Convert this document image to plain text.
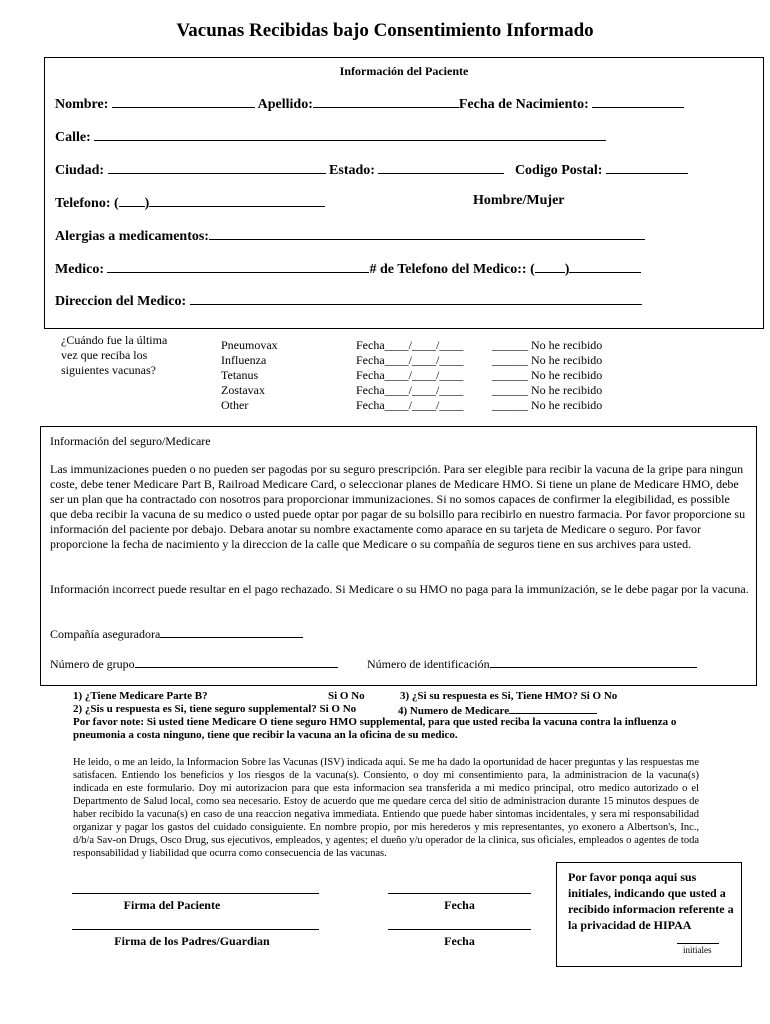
Vacunas Recibidas bajo Consentimiento Informado
Información del Paciente
Nombre:	Apellido:	Fecha de Nacimiento:
Calle:
Ciudad:	Estado:	Codigo Postal:
Telefono: ( )	Hombre/Mujer
Alergias a medicamentos:
Medico:	# de Telefono del Medico:: ( )
Direccion del Medico:
¿Cuándo fue la última vez que reciba los siguientes vacunas?
Pneumovax	Fecha____/____/____ ______ No he recibido
Influenza	Fecha____/____/____ ______ No he recibido
Tetanus	Fecha____/____/____ ______ No he recibido
Zostavax	Fecha____/____/____ ______ No he recibido
Other	Fecha____/____/____ ______ No he recibido
Información del seguro/Medicare
Las immunizaciones pueden o no pueden ser pagodas por su seguro prescripción. Para ser elegible para recibir la vacuna de la gripe para ningun coste, debe tener Medicare Part B, Railroad Medicare Card, o seleccionar planes de Medicare HMO. Si tiene un plane de Medicare HMO, debe ser un plan que ha contractado con nosotros para proporcionar immunizaciones. Si no somos capaces de confirmer la elegibilidad, es possible que deba recibir la vacuna de su medico o usted puede optar por pagar de su bolsillo para recibirlo en nuestro farmacia. Por favor proporcione su información del paciente por debajo. Debara anotar su nombre exactamente como aparace en su tarjeta de Medicare o seguro. Por favor proporcione la fecha de nacimiento y la direccion de la calle que Medicare o su compañía de seguros tiene en sus archives para usted.
Información incorrect puede resultar en el pago rechazado. Si Medicare o su HMO no paga para la immunización, se le debe pagar por la vacuna.
Compañía aseguradora
Número de grupo	Número de identificación
1) ¿Tiene Medicare Parte B?	Si O No	3) ¿Si su respuesta es Si, Tiene HMO? Si O No
2) ¿Sis u respuesta es Si, tiene seguro supplemental? Si O No	4) Numero de Medicare
Por favor note: Si usted tiene Medicare O tiene seguro HMO supplemental, para que usted reciba la vacuna contra la influenza o pneumonia a costa ninguno, tiene que recibir la vacuna an la oficina de su medico.
He leido, o me an leido, la Informacion Sobre las Vacunas (ISV) indicada aqui. Se me ha dado la oportunidad de hacer preguntas y las respuestas me satisfacen. Entiendo los beneficios y los riesgos de la vacuna(s). Consiento, o doy mi consentimiento para, la administracion de la vacuna(s) indicada en este formulario. Doy mi autorizacion para que esta informacion sea transferida a mi medico principal, otro medico autorizado o el Departmento de Salud local, como sea necesario. Estoy de acuerdo que me quedare cerca del sitio de administracion durante 15 minutos despues de haber recibido la vacuna(s) en caso de una reaccion negativa immediata. Entiendo que puede haber sintomas incidentales, y sera mi responsabilidad organizar y pagar los gastos del cuidado consiguiente. En nombre propio, por mis herederos y mis representantes, yo exonero a Albertson's, Inc., d/b/a Sav-on Drugs, Osco Drug, sus ejecutivos, empleados, y agentes; el dueño y/u operador de la clinica, sus oficiales, empleados o agentes de toda responsabilidad y liabilidad que ocurra como consecuencia de las vacunas.
Firma del Paciente	Fecha
Firma de los Padres/Guardian	Fecha
Por favor ponqa aqui sus initiales, indicando que usted a recibido informacion referente a la privacidad de HIPAA
initiales
